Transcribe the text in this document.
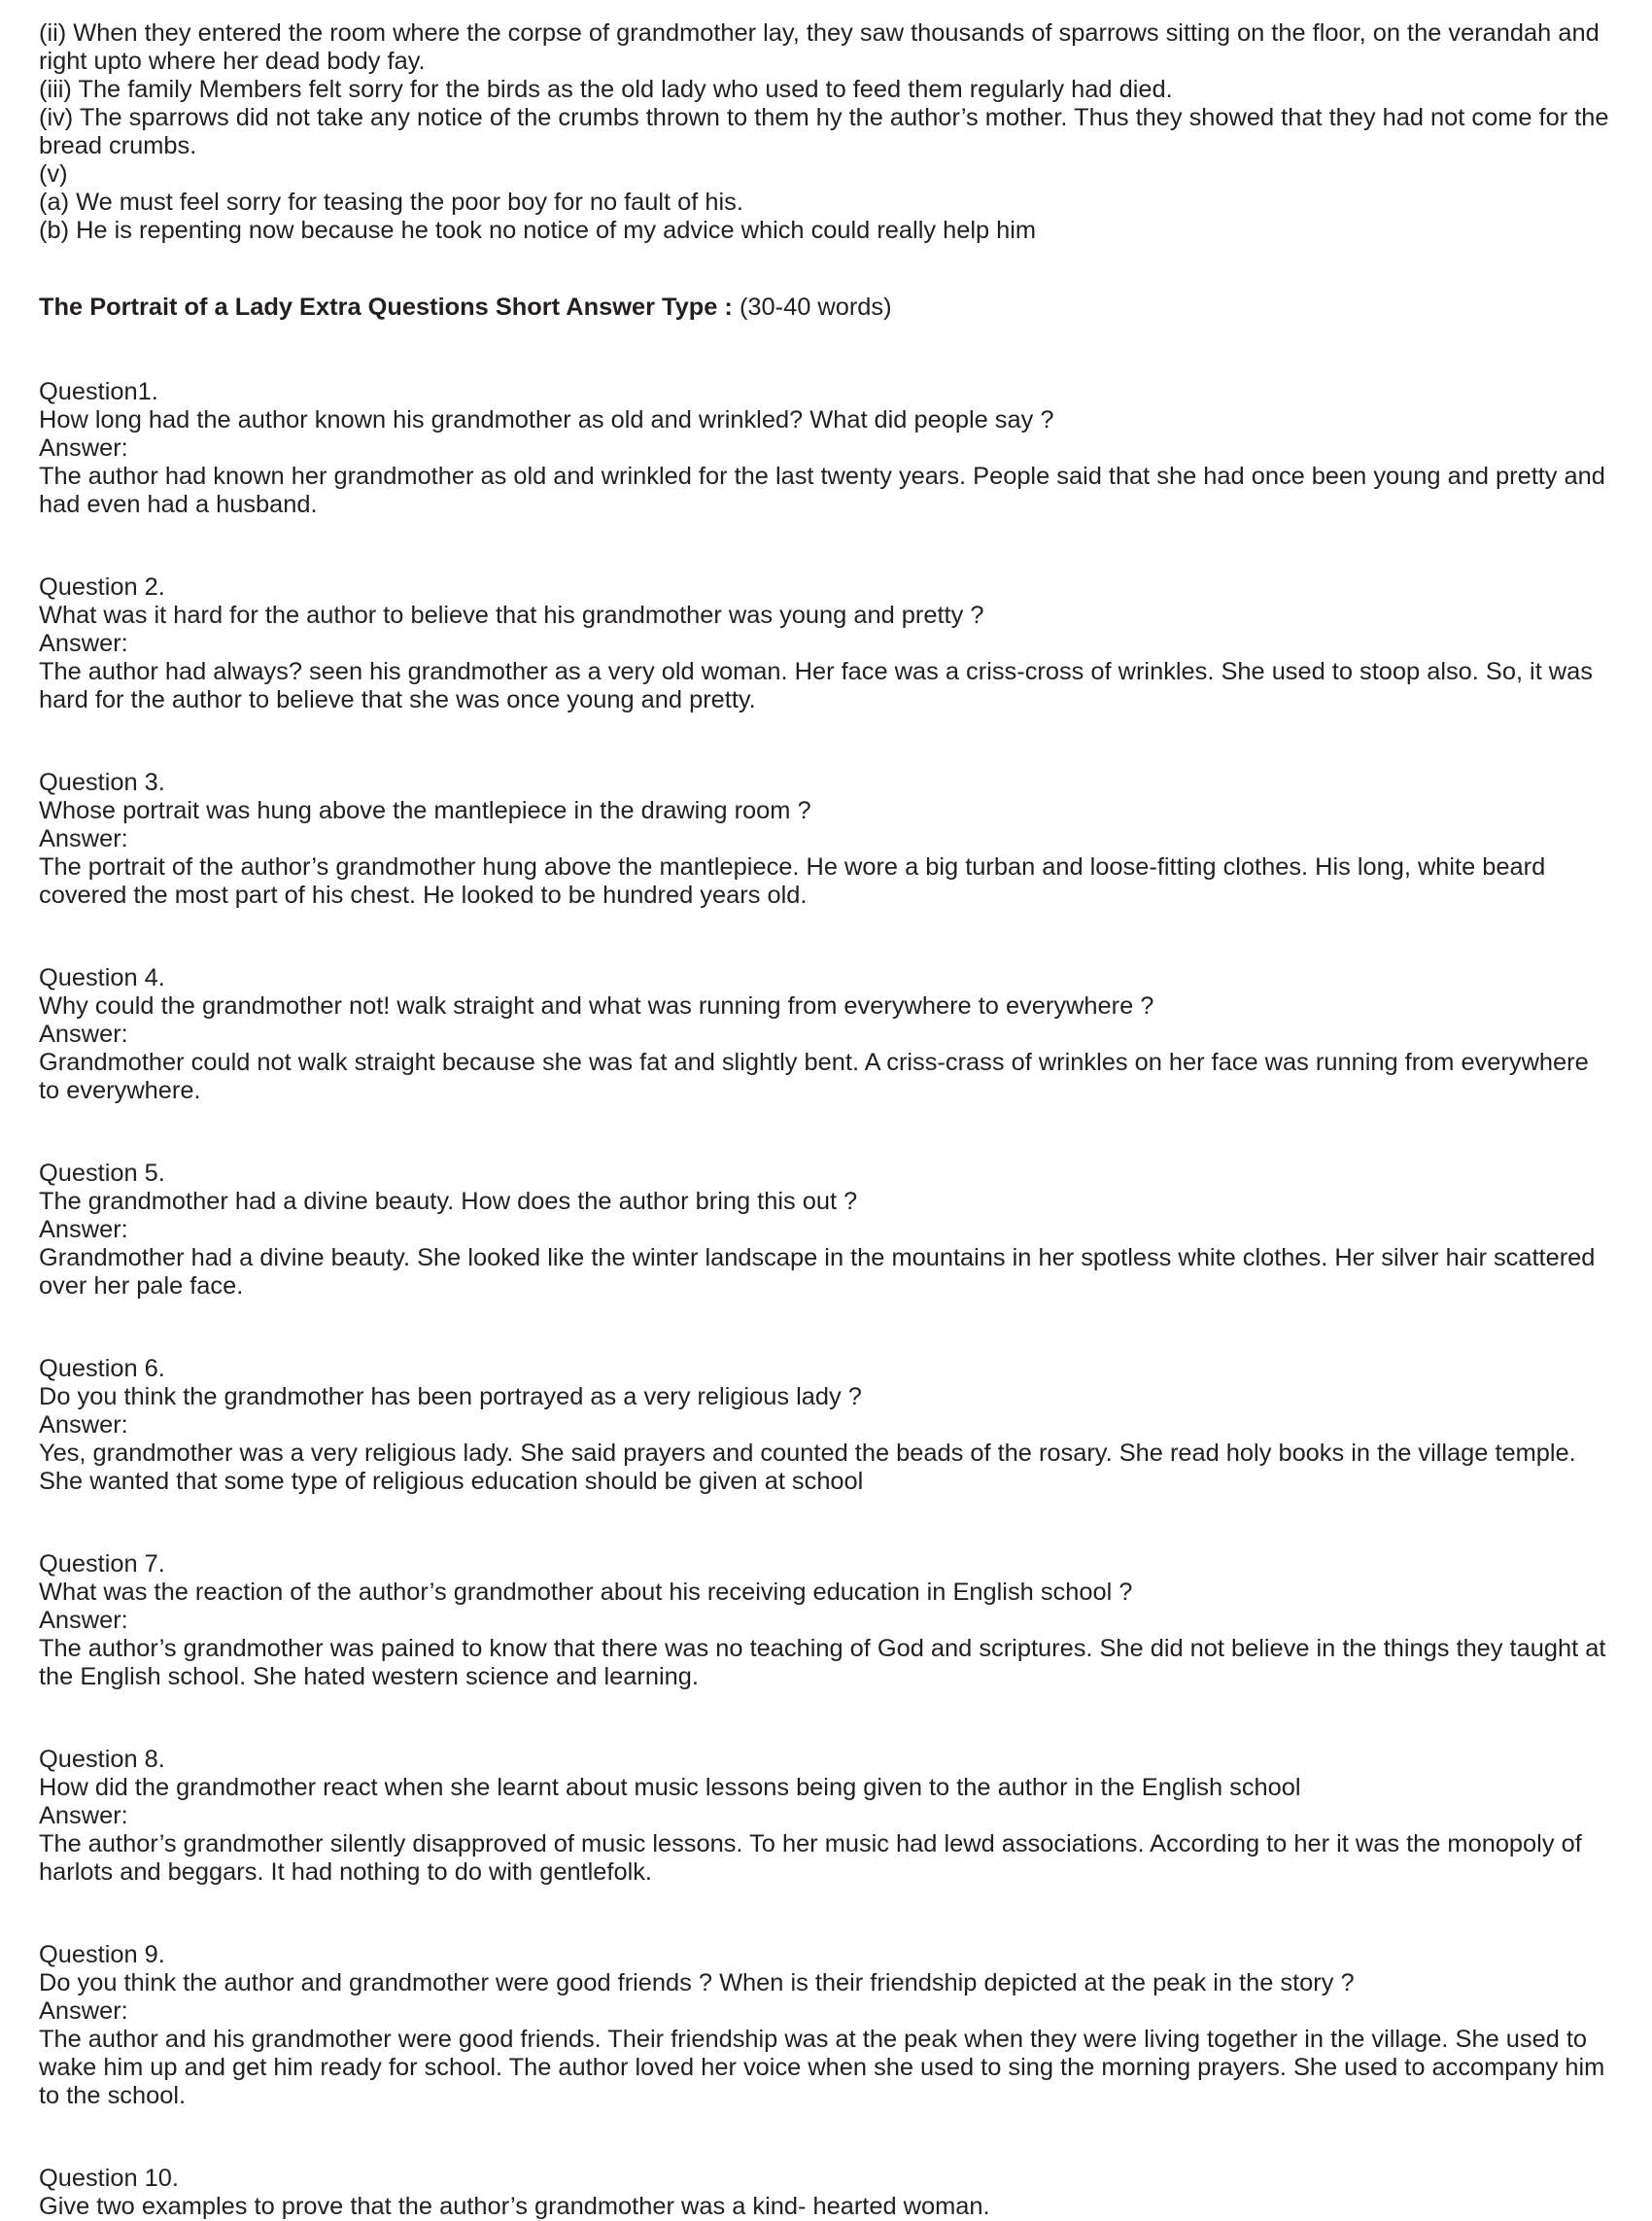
(ii) When they entered the room where the corpse of grandmother lay, they saw thousands of sparrows sitting on the floor, on the verandah and right upto where her dead body fay.
(iii) The family Members felt sorry for the birds as the old lady who used to feed them regularly had died.
(iv) The sparrows did not take any notice of the crumbs thrown to them hy the author’s mother. Thus they showed that they had not come for the bread crumbs.
(v)
(a) We must feel sorry for teasing the poor boy for no fault of his.
(b) He is repenting now because he took no notice of my advice which could really help him
The Portrait of a Lady Extra Questions Short Answer Type : (30-40 words)
Question1.
How long had the author known his grandmother as old and wrinkled? What did people say ?
Answer:
The author had known her grandmother as old and wrinkled for the last twenty years. People said that she had once been young and pretty and had even had a husband.
Question 2.
What was it hard for the author to believe that his grandmother was young and pretty ?
Answer:
The author had always? seen his grandmother as a very old woman. Her face was a criss-cross of wrinkles. She used to stoop also. So, it was hard for the author to believe that she was once young and pretty.
Question 3.
Whose portrait was hung above the mantlepiece in the drawing room ?
Answer:
The portrait of the author’s grandmother hung above the mantlepiece. He wore a big turban and loose-fitting clothes. His long, white beard covered the most part of his chest. He looked to be hundred years old.
Question 4.
Why could the grandmother not! walk straight and what was running from everywhere to everywhere ?
Answer:
Grandmother could not walk straight because she was fat and slightly bent. A criss-crass of wrinkles on her face was running from everywhere to everywhere.
Question 5.
The grandmother had a divine beauty. How does the author bring this out ?
Answer:
Grandmother had a divine beauty. She looked like the winter landscape in the mountains in her spotless white clothes. Her silver hair scattered over her pale face.
Question 6.
Do you think the grandmother has been portrayed as a very religious lady ?
Answer:
Yes, grandmother was a very religious lady. She said prayers and counted the beads of the rosary. She read holy books in the village temple. She wanted that some type of religious education should be given at school
Question 7.
What was the reaction of the author’s grandmother about his receiving education in English school ?
Answer:
The author’s grandmother was pained to know that there was no teaching of God and scriptures. She did not believe in the things they taught at the English school. She hated western science and learning.
Question 8.
How did the grandmother react when she learnt about music lessons being given to the author in the English school
Answer:
The author’s grandmother silently disapproved of music lessons. To her music had lewd associations. According to her it was the monopoly of harlots and beggars. It had nothing to do with gentlefolk.
Question 9.
Do you think the author and grandmother were good friends ? When is their friendship depicted at the peak in the story ?
Answer:
The author and his grandmother were good friends. Their friendship was at the peak when they were living together in the village. She used to wake him up and get him ready for school. The author loved her voice when she used to sing the morning prayers. She used to accompany him to the school.
Question 10.
Give two examples to prove that the author’s grandmother was a kind- hearted woman.
